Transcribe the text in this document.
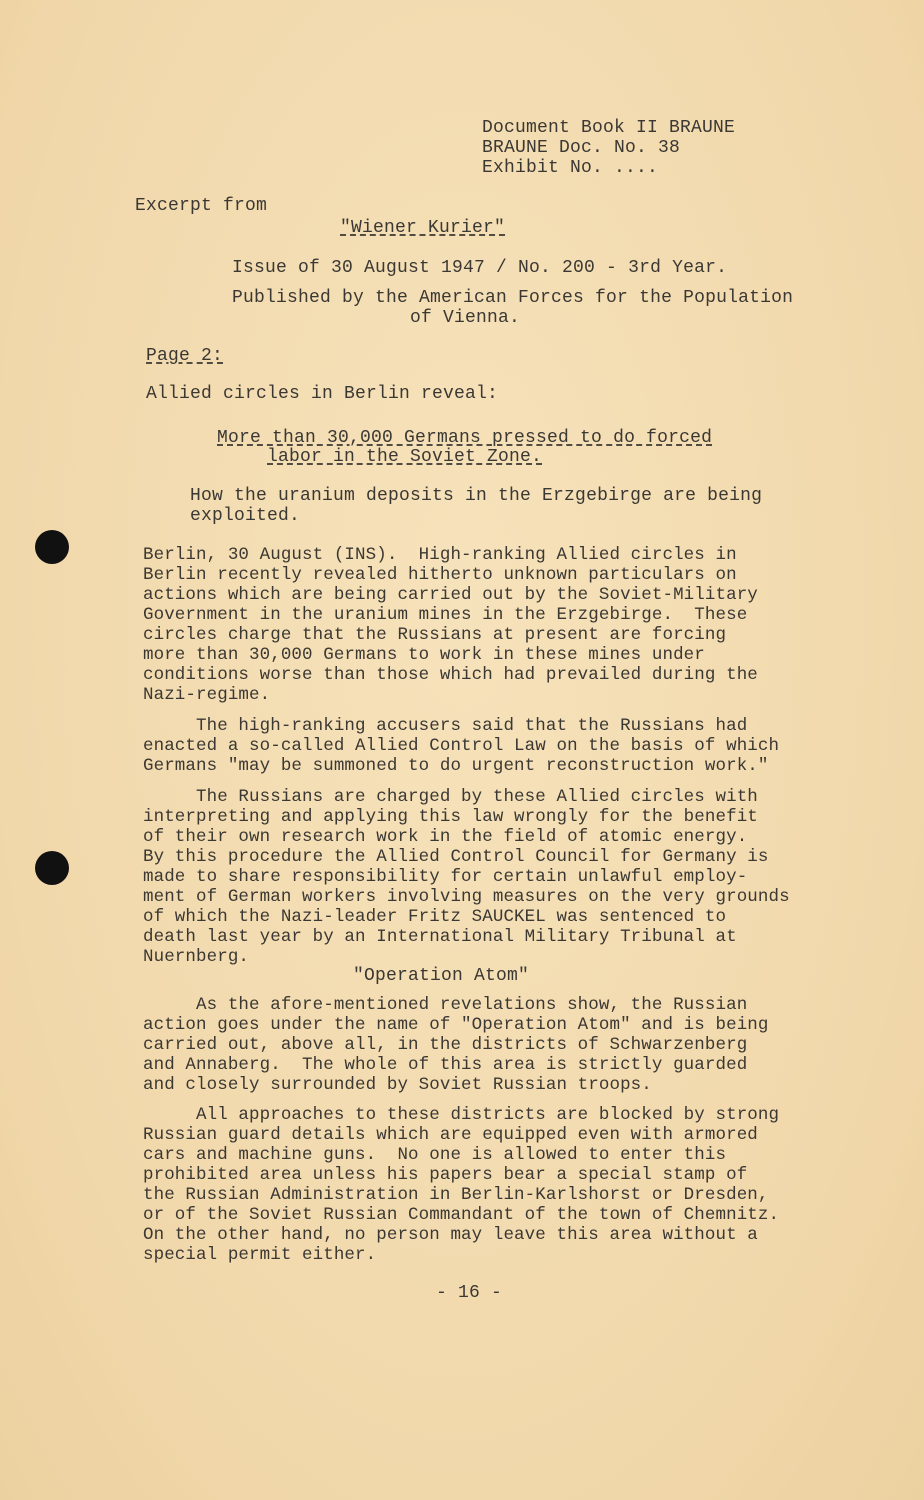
Document Book II BRAUNE
BRAUNE Doc. No. 38
Exhibit No. ....
Excerpt from
"Wiener Kurier"
Issue of 30 August 1947 / No. 200 - 3rd Year.
Published by the American Forces for the Population
of Vienna.
Page 2:
Allied circles in Berlin reveal:
More than 30,000 Germans pressed to do forced
labor in the Soviet Zone.
How the uranium deposits in the Erzgebirge are being
exploited.
Berlin, 30 August (INS).  High-ranking Allied circles in
Berlin recently revealed hitherto unknown particulars on
actions which are being carried out by the Soviet-Military
Government in the uranium mines in the Erzgebirge.  These
circles charge that the Russians at present are forcing
more than 30,000 Germans to work in these mines under
conditions worse than those which had prevailed during the
Nazi-regime.
The high-ranking accusers said that the Russians had
enacted a so-called Allied Control Law on the basis of which
Germans "may be summoned to do urgent reconstruction work."
The Russians are charged by these Allied circles with
interpreting and applying this law wrongly for the benefit
of their own research work in the field of atomic energy.
By this procedure the Allied Control Council for Germany is
made to share responsibility for certain unlawful employ-
ment of German workers involving measures on the very grounds
of which the Nazi-leader Fritz SAUCKEL was sentenced to
death last year by an International Military Tribunal at
Nuernberg.
"Operation Atom"
As the afore-mentioned revelations show, the Russian
action goes under the name of "Operation Atom" and is being
carried out, above all, in the districts of Schwarzenberg
and Annaberg.  The whole of this area is strictly guarded
and closely surrounded by Soviet Russian troops.
All approaches to these districts are blocked by strong
Russian guard details which are equipped even with armored
cars and machine guns.  No one is allowed to enter this
prohibited area unless his papers bear a special stamp of
the Russian Administration in Berlin-Karlshorst or Dresden,
or of the Soviet Russian Commandant of the town of Chemnitz.
On the other hand, no person may leave this area without a
special permit either.
- 16 -
